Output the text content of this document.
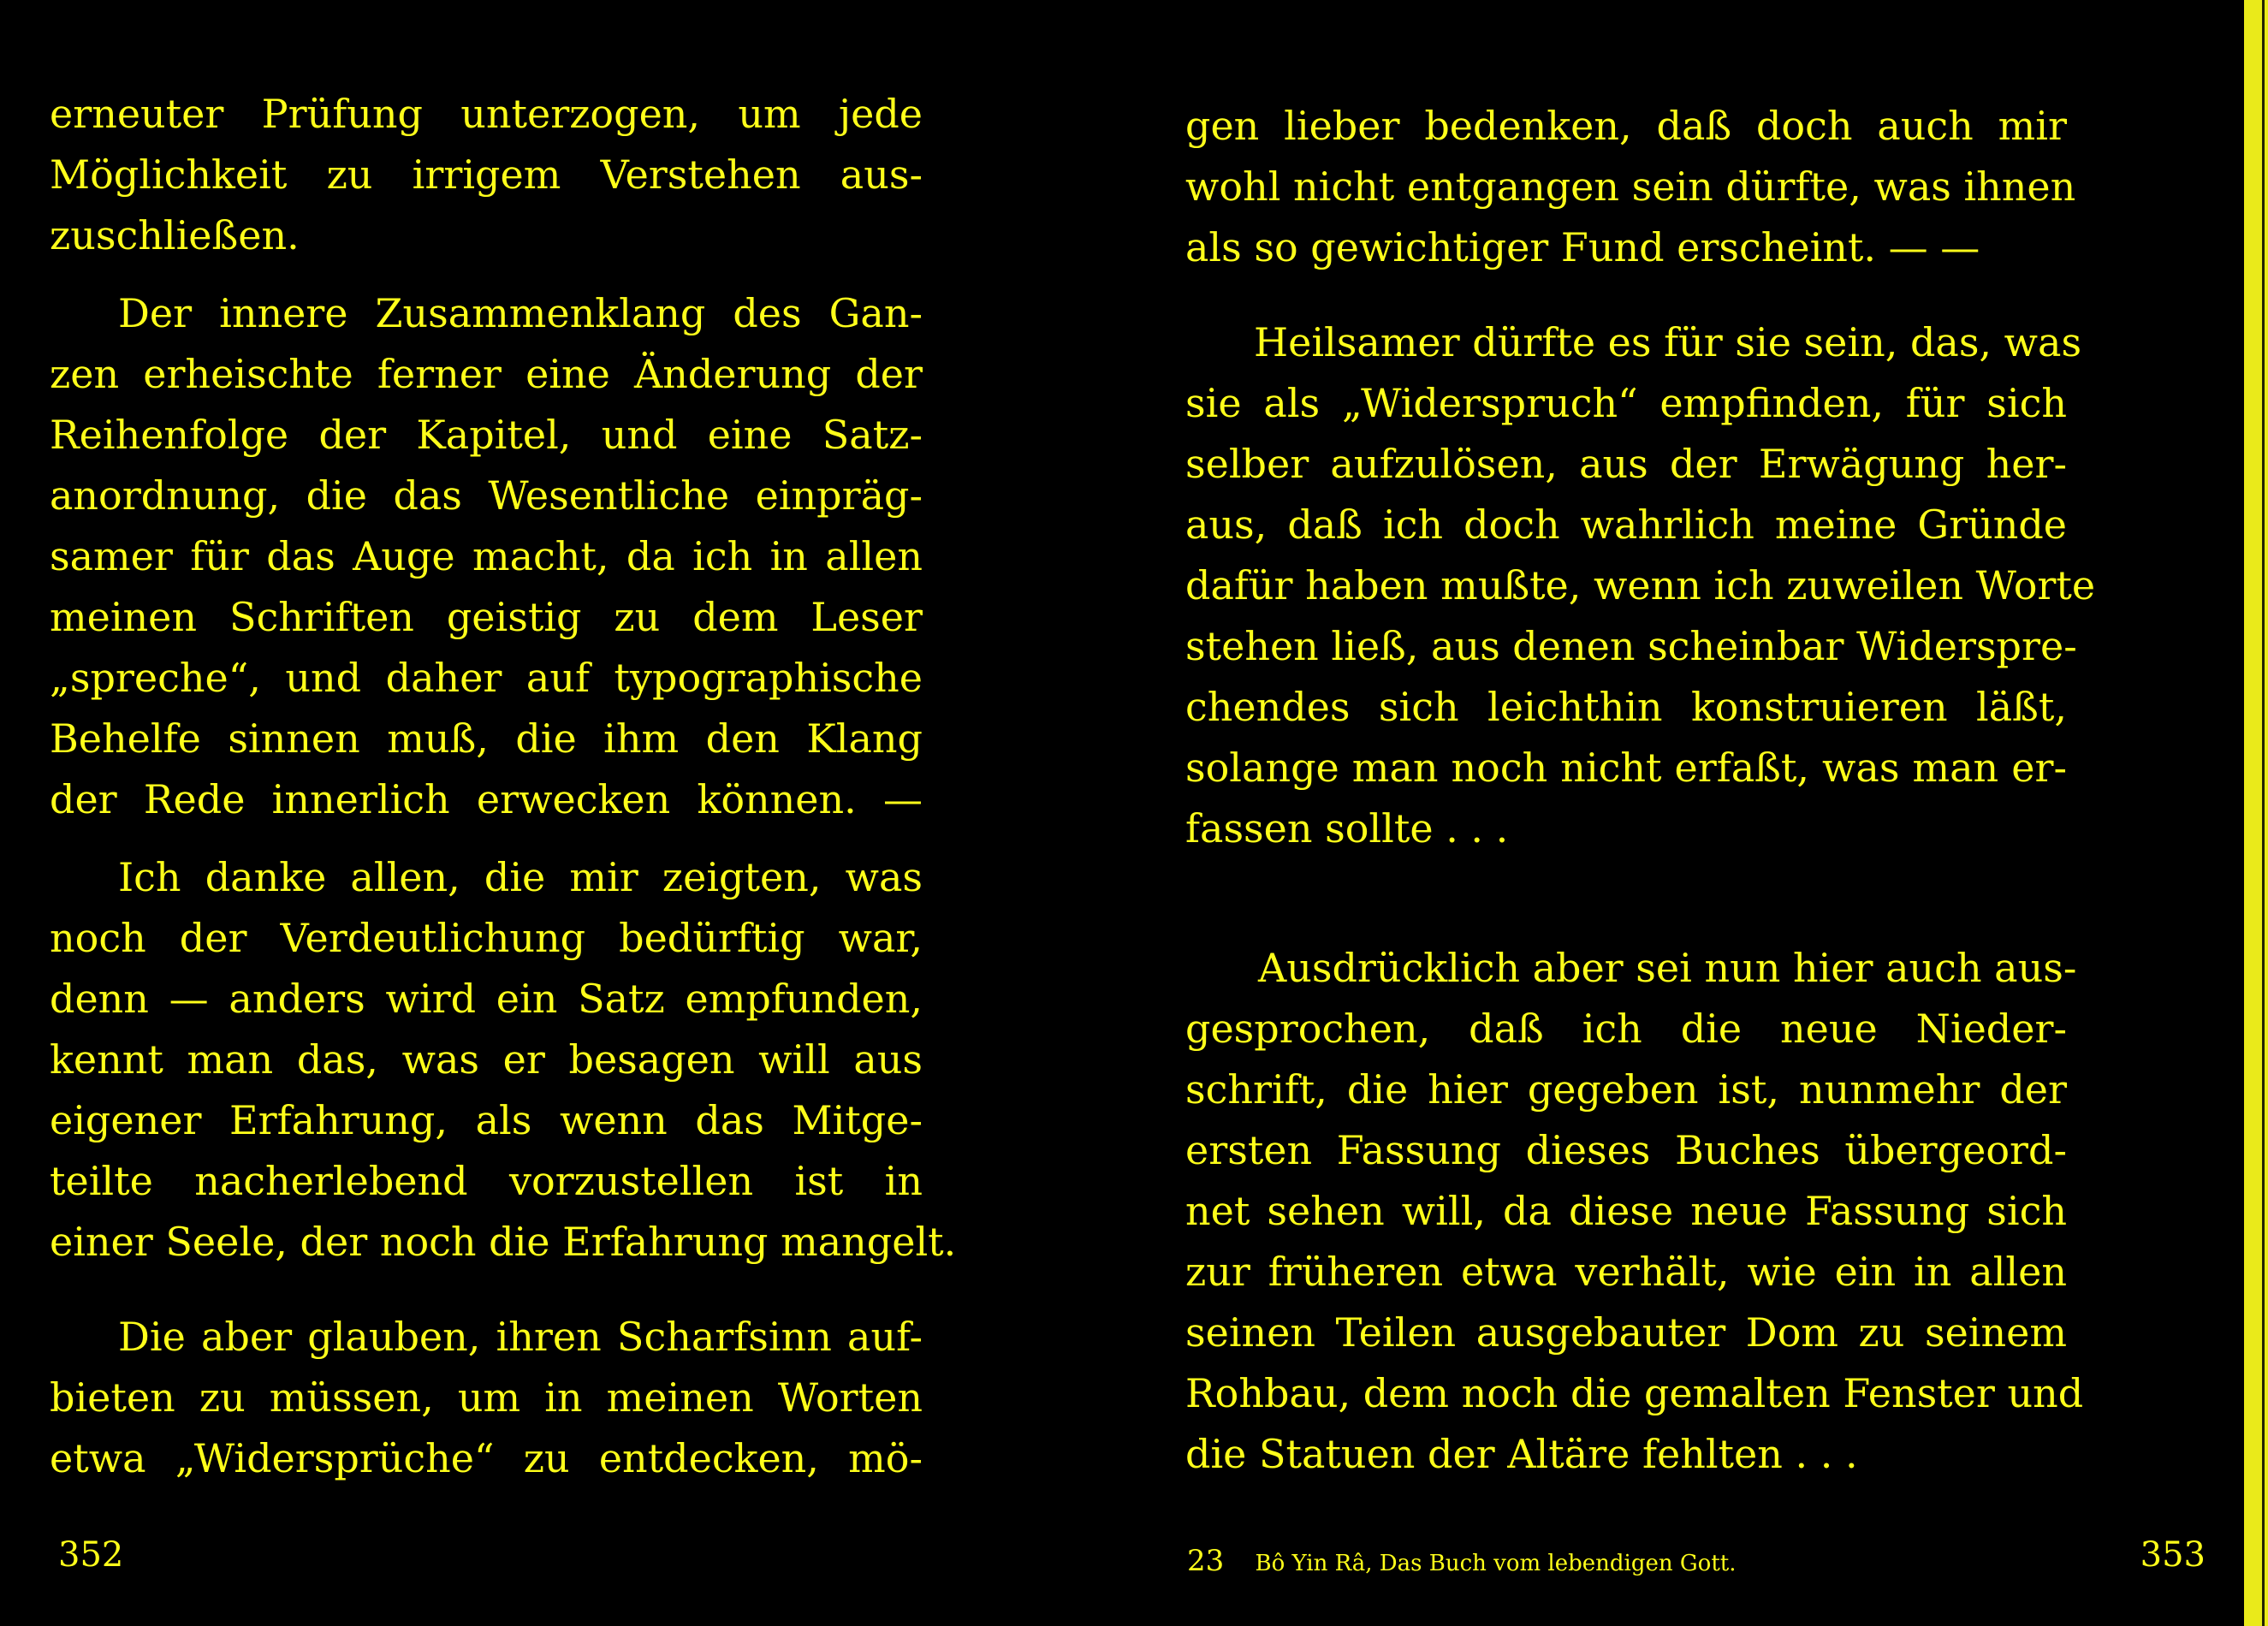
erneuter Prüfung unterzogen, um jede
Möglichkeit zu irrigem Verstehen aus-
zuschließen.
Der innere Zusammenklang des Gan-
zen erheischte ferner eine Änderung der
Reihenfolge der Kapitel, und eine Satz-
anordnung, die das Wesentliche einpräg-
samer für das Auge macht, da ich in allen
meinen Schriften geistig zu dem Leser
„spreche“, und daher auf typographische
Behelfe sinnen muß, die ihm den Klang
der Rede innerlich erwecken können. —
Ich danke allen, die mir zeigten, was
noch der Verdeutlichung bedürftig war,
denn — anders wird ein Satz empfunden,
kennt man das, was er besagen will aus
eigener Erfahrung, als wenn das Mitge-
teilte nacherlebend vorzustellen ist in
einer Seele, der noch die Erfahrung mangelt.
Die aber glauben, ihren Scharfsinn auf-
bieten zu müssen, um in meinen Worten
etwa „Widersprüche“ zu entdecken, mö-
352
gen lieber bedenken, daß doch auch mir
wohl nicht entgangen sein dürfte, was ihnen
als so gewichtiger Fund erscheint. — —
Heilsamer dürfte es für sie sein, das, was
sie als „Widerspruch“ empfinden, für sich
selber aufzulösen, aus der Erwägung her-
aus, daß ich doch wahrlich meine Gründe
dafür haben mußte, wenn ich zuweilen Worte
stehen ließ, aus denen scheinbar Widerspre-
chendes sich leichthin konstruieren läßt,
solange man noch nicht erfaßt, was man er-
fassen sollte . . .
Ausdrücklich aber sei nun hier auch aus-
gesprochen, daß ich die neue Nieder-
schrift, die hier gegeben ist, nunmehr der
ersten Fassung dieses Buches übergeord-
net sehen will, da diese neue Fassung sich
zur früheren etwa verhält, wie ein in allen
seinen Teilen ausgebauter Dom zu seinem
Rohbau, dem noch die gemalten Fenster und
die Statuen der Altäre fehlten . . .
23 Bô Yin Râ, Das Buch vom lebendigen Gott.	353
